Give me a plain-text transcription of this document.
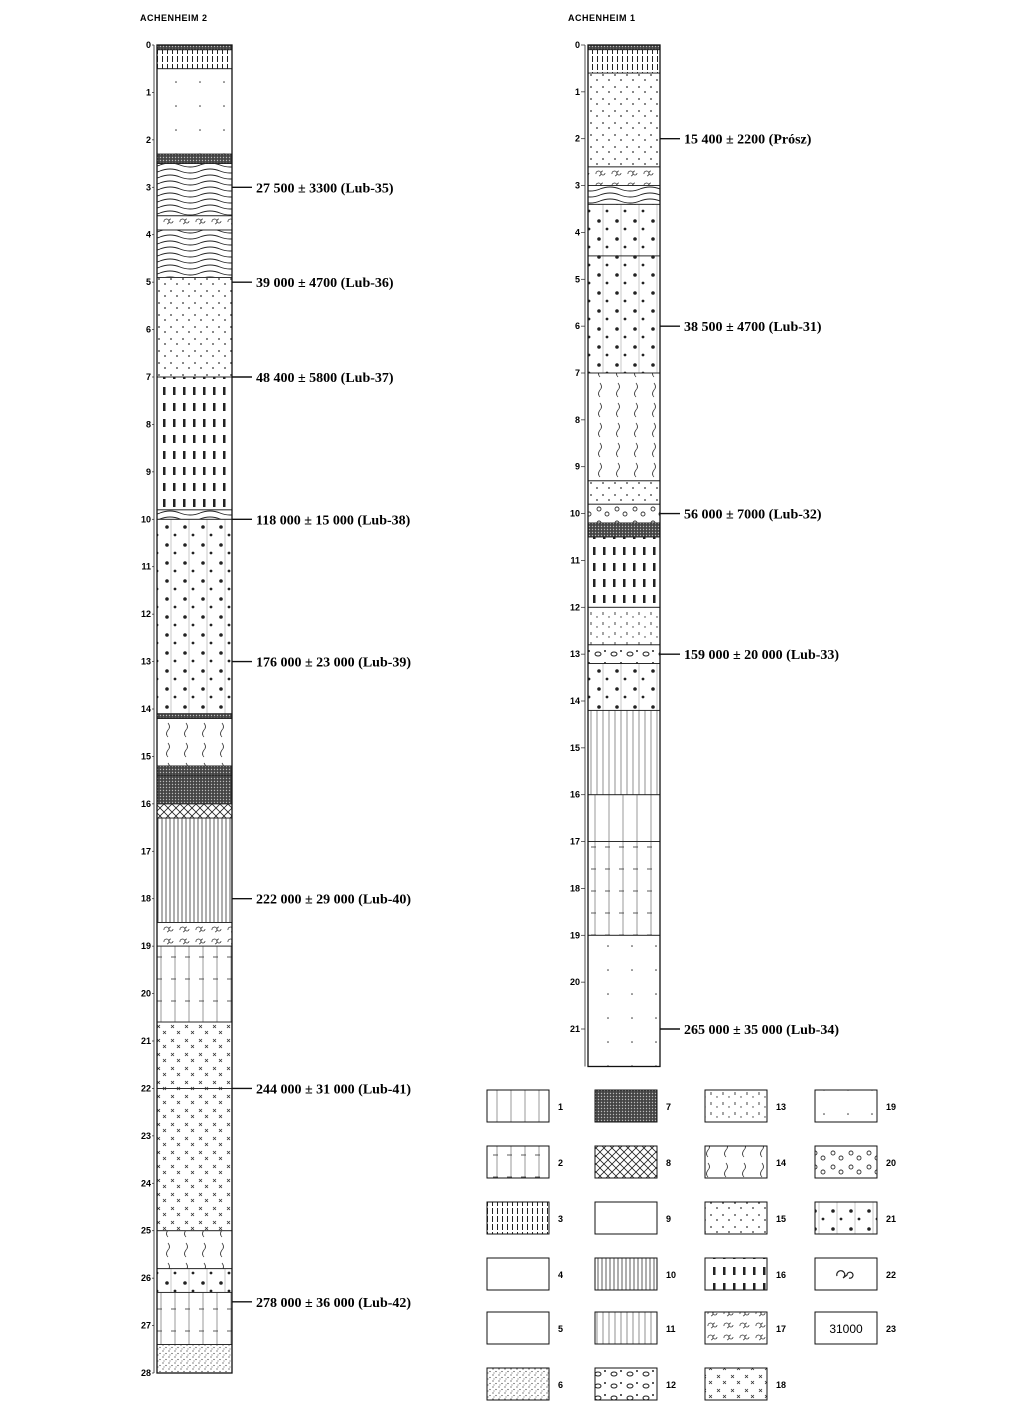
ACHENHEIM 2
0
1
2
3
4
5
6
7
8
9
10
11
12
13
14
15
16
17
18
19
20
21
22
23
24
25
26
27
28
27 500 ± 3300 (Lub-35)
39 000 ± 4700 (Lub-36)
48 400 ± 5800 (Lub-37)
118 000 ± 15 000 (Lub-38)
176 000 ± 23 000 (Lub-39)
222 000 ± 29 000 (Lub-40)
244 000 ± 31 000 (Lub-41)
278 000 ± 36 000 (Lub-42)
ACHENHEIM 1
0
1
2
3
4
5
6
7
8
9
10
11
12
13
14
15
16
17
18
19
20
21
15 400 ± 2200 (Prósz)
38 500 ± 4700 (Lub-31)
56 000 ± 7000 (Lub-32)
159 000 ± 20 000 (Lub-33)
265 000 ± 35 000 (Lub-34)
1
2
3
4
5
6
7
8
9
10
11
12
13
14
15
16
17
18
19
20
21
22
31000	23
